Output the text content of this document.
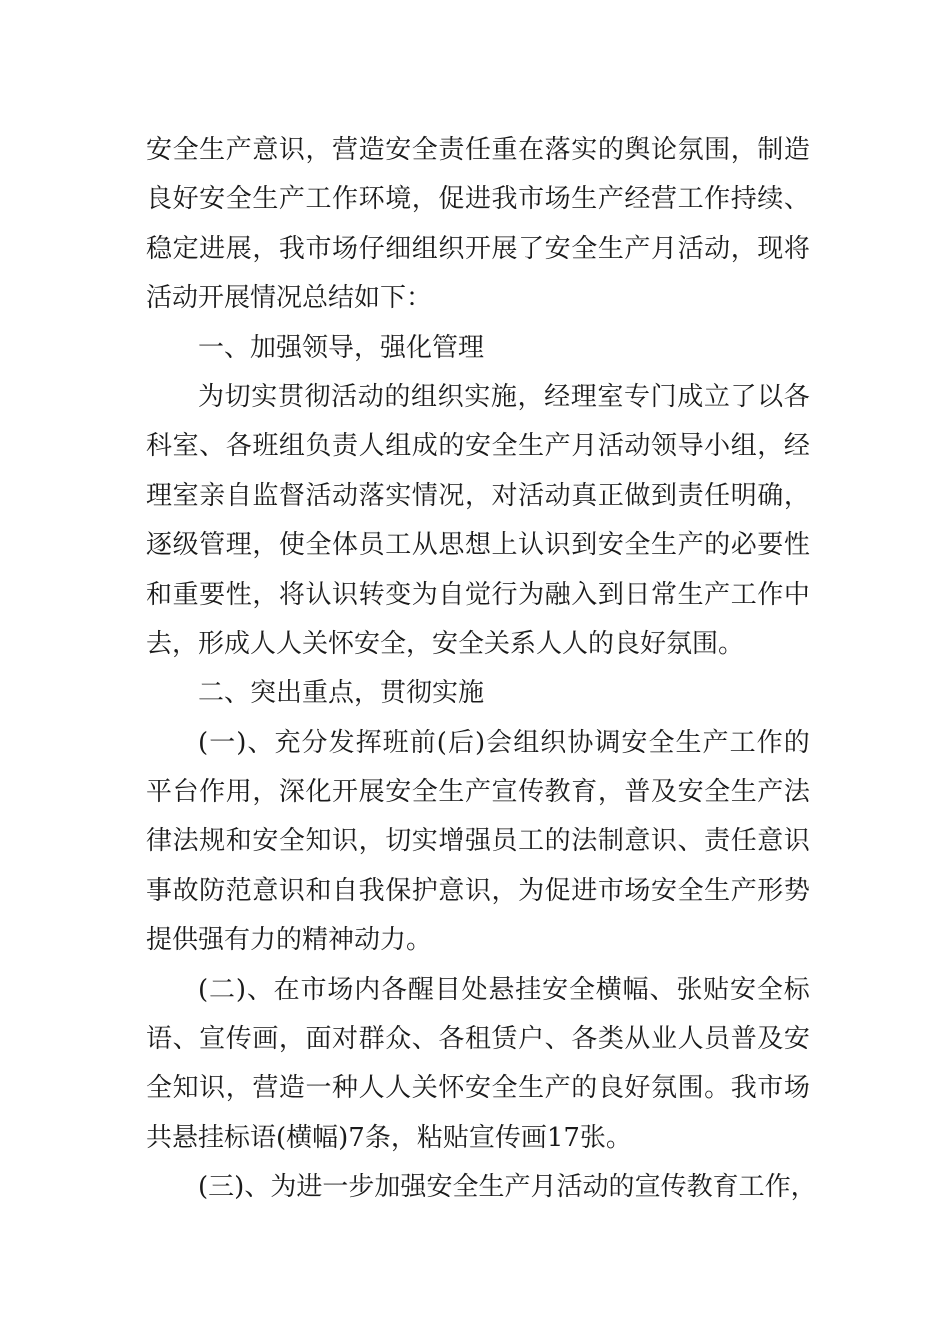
安 全 生 产 意 识 ， 营 造 安 全 责 任 重 在 落 实 的 舆 论 氛 围 ， 制 造
良 好 安 全 生 产 工 作 环 境 ， 促 进 我 市 场 生 产 经 营 工 作 持 续 、
稳 定 进 展 ， 我 市 场 仔 细 组 织 开 展 了 安 全 生 产 月 活 动 ， 现 将
活动开展情况总结如下：
一、加强领导，强化管理
为 切 实 贯 彻 活 动 的 组 织 实 施 ， 经 理 室 专 门 成 立 了 以 各
科 室 、 各 班 组 负 责 人 组 成 的 安 全 生 产 月 活 动 领 导 小 组 ， 经
理 室 亲 自 监 督 活 动 落 实 情 况 ， 对 活 动 真 正 做 到 责 任 明 确 ，
逐 级 管 理 ， 使 全 体 员 工 从 思 想 上 认 识 到 安 全 生 产 的 必 要 性
和 重 要 性 ， 将 认 识 转 变 为 自 觉 行 为 融 入 到 日 常 生 产 工 作 中
去，形成人人关怀安全，安全关系人人的良好氛围。
二、突出重点，贯彻实施
( 一 ) 、 充 分 发 挥 班 前 ( 后 ) 会 组 织 协 调 安 全 生 产 工 作 的
平 台 作 用 ， 深 化 开 展 安 全 生 产 宣 传 教 育 ， 普 及 安 全 生 产 法
律 法 规 和 安 全 知 识 ， 切 实 增 强 员 工 的 法 制 意 识 、 责 任 意 识
事 故 防 范 意 识 和 自 我 保 护 意 识 ， 为 促 进 市 场 安 全 生 产 形 势
提供强有力的精神动力。
( 二 ) 、 在 市 场 内 各 醒 目 处 悬 挂 安 全 横 幅 、 张 贴 安 全 标
语 、 宣 传 画 ， 面 对 群 众 、 各 租 赁 户 、 各 类 从 业 人 员 普 及 安
全 知 识 ， 营 造 一 种 人 人 关 怀 安 全 生 产 的 良 好 氛 围 。 我 市 场
共悬挂标语(横幅)7条，粘贴宣传画17张。
( 三 ) 、 为 进 一 步 加 强 安 全 生 产 月 活 动 的 宣 传 教 育 工 作 ，
